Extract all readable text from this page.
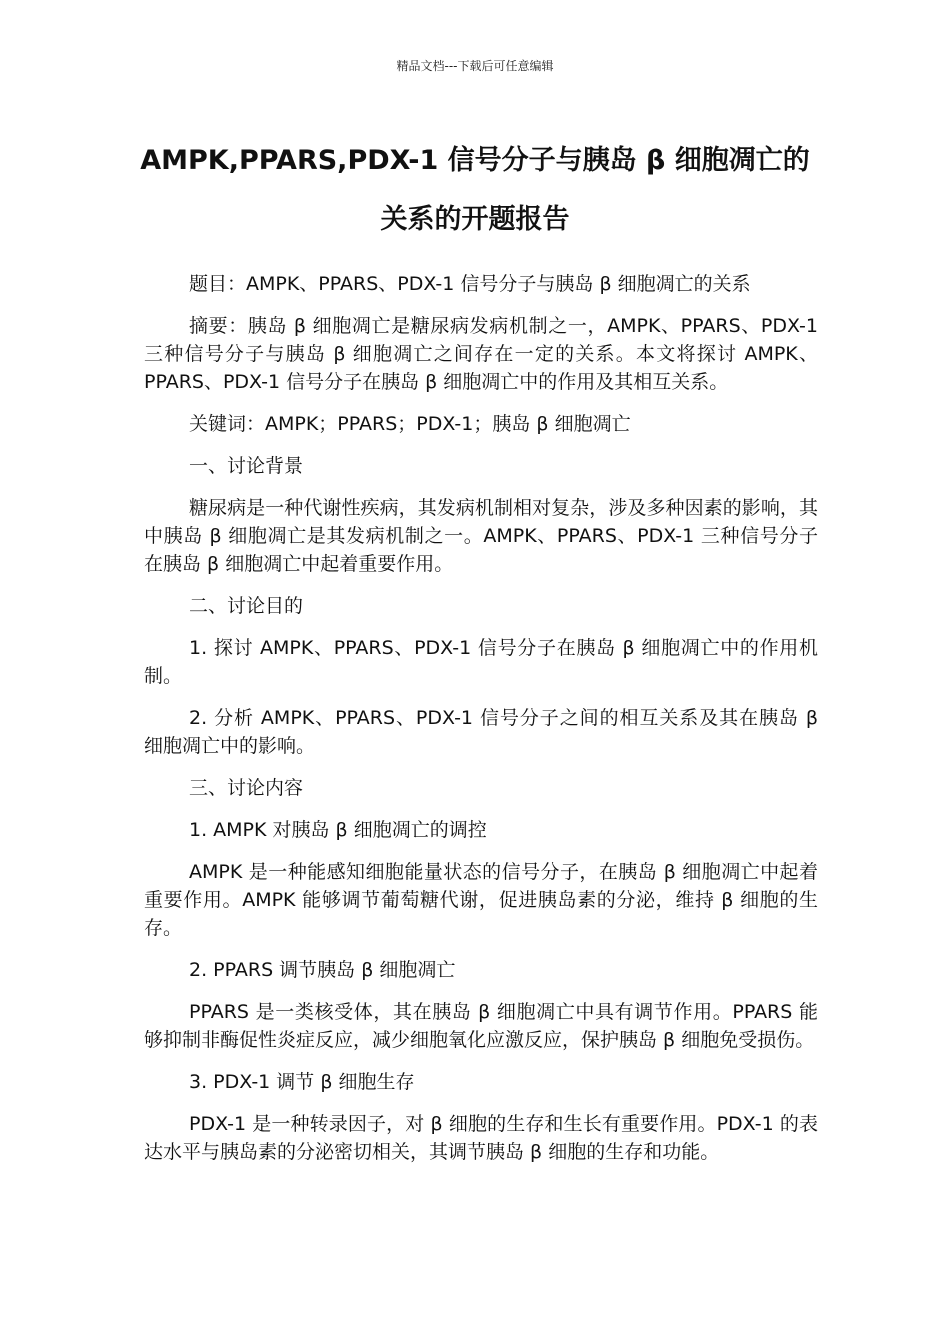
精品文档---下载后可任意编辑
AMPK,PPARS,PDX-1 信号分子与胰岛 β 细胞凋亡的
关系的开题报告

题目：AMPK、PPARS、PDX-1 信号分子与胰岛 β 细胞凋亡的关系

摘要：胰岛 β 细胞凋亡是糖尿病发病机制之一，AMPK、PPARS、PDX-1 三种信号分子与胰岛 β 细胞凋亡之间存在一定的关系。本文将探讨 AMPK、PPARS、PDX-1 信号分子在胰岛 β 细胞凋亡中的作用及其相互关系。

关键词：AMPK；PPARS；PDX-1；胰岛 β 细胞凋亡

一、讨论背景

糖尿病是一种代谢性疾病，其发病机制相对复杂，涉及多种因素的影响，其中胰岛 β 细胞凋亡是其发病机制之一。AMPK、PPARS、PDX-1 三种信号分子在胰岛 β 细胞凋亡中起着重要作用。

二、讨论目的

1. 探讨 AMPK、PPARS、PDX-1 信号分子在胰岛 β 细胞凋亡中的作用机制。

2. 分析 AMPK、PPARS、PDX-1 信号分子之间的相互关系及其在胰岛 β 细胞凋亡中的影响。

三、讨论内容

1. AMPK 对胰岛 β 细胞凋亡的调控

AMPK 是一种能感知细胞能量状态的信号分子，在胰岛 β 细胞凋亡中起着重要作用。AMPK 能够调节葡萄糖代谢，促进胰岛素的分泌，维持 β 细胞的生存。

2. PPARS 调节胰岛 β 细胞凋亡

PPARS 是一类核受体，其在胰岛 β 细胞凋亡中具有调节作用。PPARS 能够抑制非酶促性炎症反应，减少细胞氧化应激反应，保护胰岛 β 细胞免受损伤。

3. PDX-1 调节 β 细胞生存

PDX-1 是一种转录因子，对 β 细胞的生存和生长有重要作用。PDX-1 的表达水平与胰岛素的分泌密切相关，其调节胰岛 β 细胞的生存和功能。
